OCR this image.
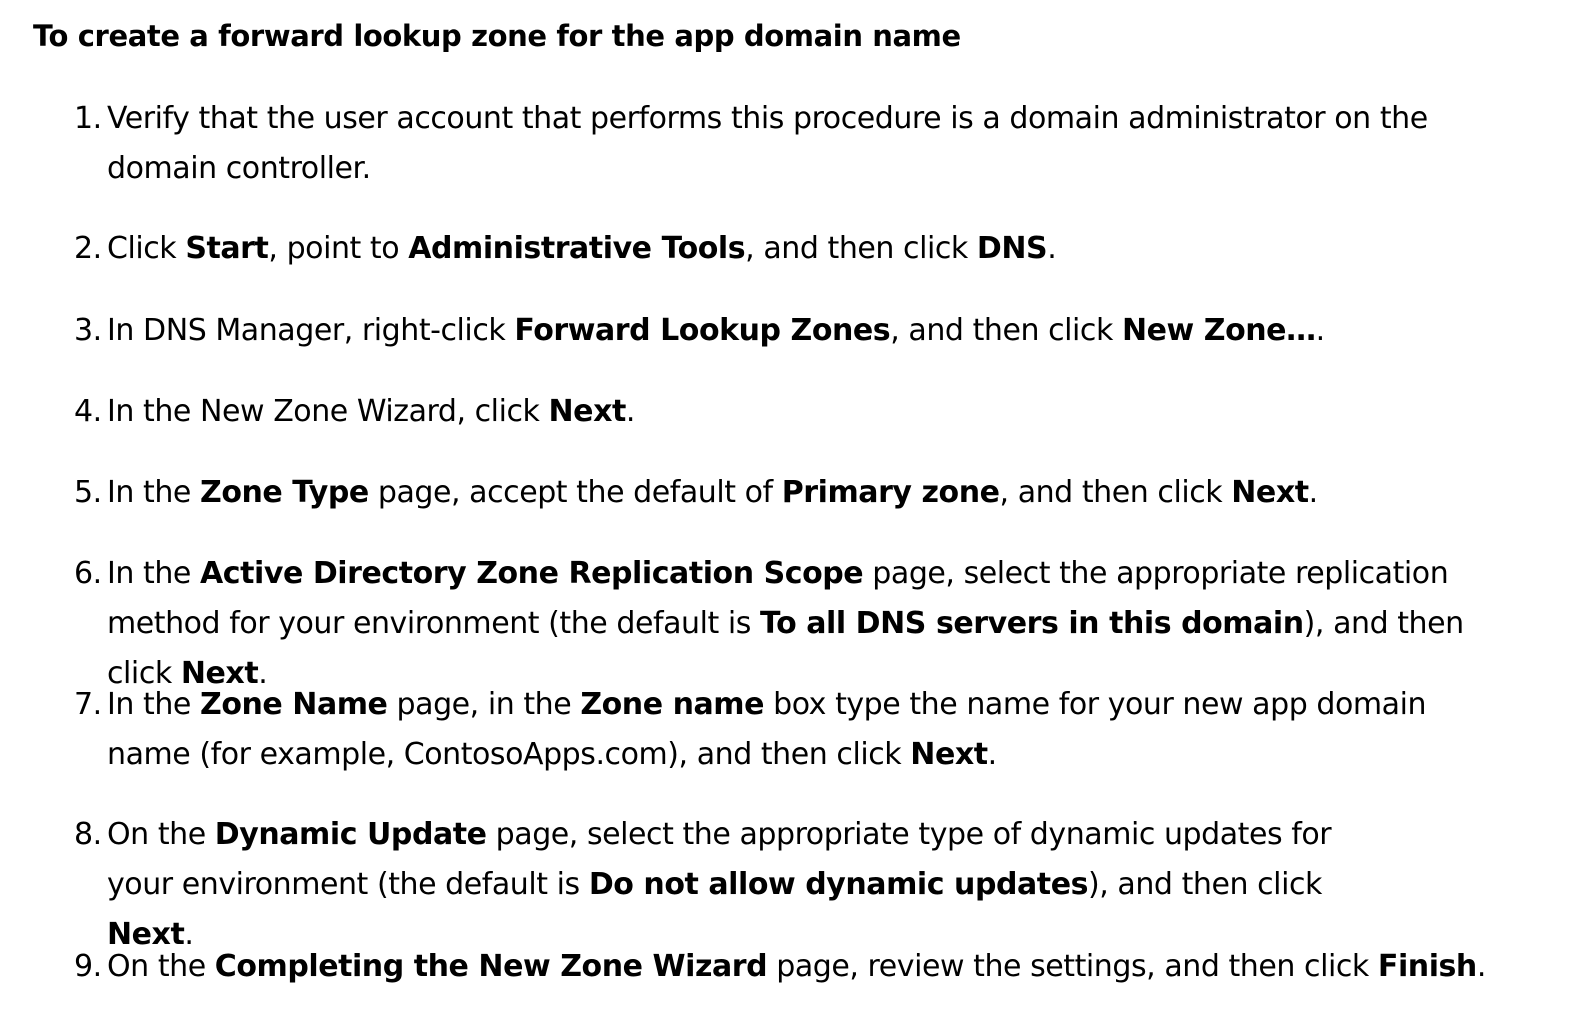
To create a forward lookup zone for the app domain name
1. Verify that the user account that performs this procedure is a domain administrator on the domain controller.
2. Click Start, point to Administrative Tools, and then click DNS.
3. In DNS Manager, right-click Forward Lookup Zones, and then click New Zone….
4. In the New Zone Wizard, click Next.
5. In the Zone Type page, accept the default of Primary zone, and then click Next.
6. In the Active Directory Zone Replication Scope page, select the appropriate replication method for your environment (the default is To all DNS servers in this domain), and then click Next.
7. In the Zone Name page, in the Zone name box type the name for your new app domain name (for example, ContosoApps.com), and then click Next.
8. On the Dynamic Update page, select the appropriate type of dynamic updates for your environment (the default is Do not allow dynamic updates), and then click Next.
9. On the Completing the New Zone Wizard page, review the settings, and then click Finish.
